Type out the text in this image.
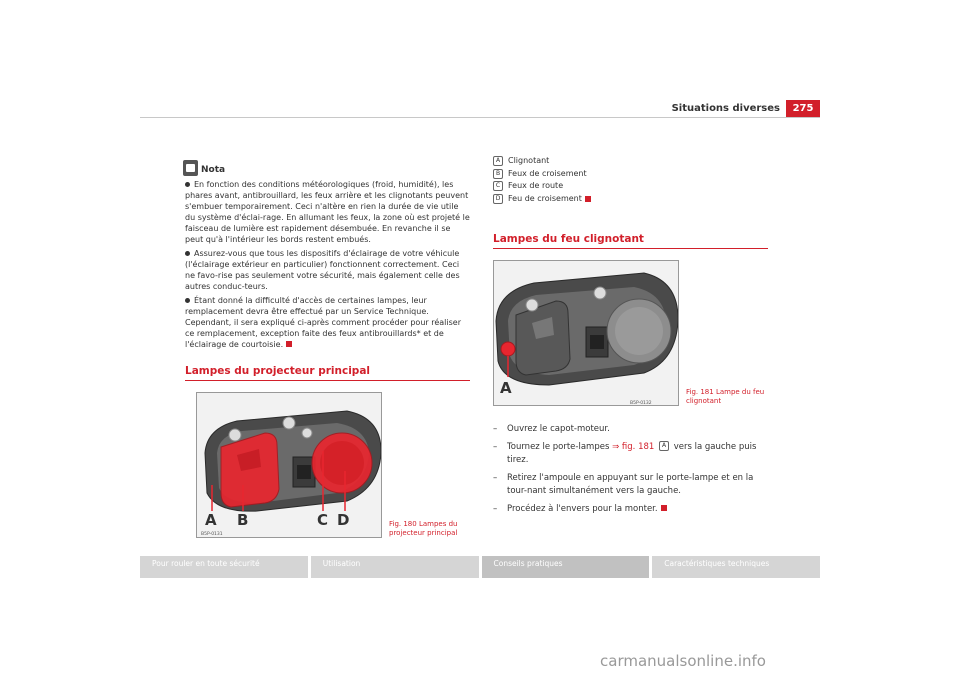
Situations diverses	275
Nota
En fonction des conditions météorologiques (froid, humidité), les phares avant, antibrouillard, les feux arrière et les clignotants peuvent s'embuer temporairement. Ceci n'altère en rien la durée de vie utile du système d'éclai-rage. En allumant les feux, la zone où est projeté le faisceau de lumière est rapidement désembuée. En revanche il se peut qu'à l'intérieur les bords restent embués.
Assurez-vous que tous les dispositifs d'éclairage de votre véhicule (l'éclairage extérieur en particulier) fonctionnent correctement. Ceci ne favo-rise pas seulement votre sécurité, mais également celle des autres conduc-teurs.
Étant donné la difficulté d'accès de certaines lampes, leur remplacement devra être effectué par un Service Technique. Cependant, il sera expliqué ci-après comment procéder pour réaliser ce remplacement, exception faite des feux antibrouillards* et de l'éclairage de courtoisie.
Lampes du projecteur principal
A B	C D
B5P-0131
Fig. 180 Lampes du
projecteur principal
A Clignotant
B Feux de croisement
C Feux de route
D Feu de croisement
Lampes du feu clignotant
A
B5P-0132
Fig. 181 Lampe du feu
clignotant
– Ouvrez le capot-moteur.
– Tournez le porte-lampes ⇒ fig. 181 A vers la gauche puis tirez.
– Retirez l'ampoule en appuyant sur le porte-lampe et en la tour-nant simultanément vers la gauche.
– Procédez à l'envers pour la monter.
Pour rouler en toute sécurité	Utilisation	Conseils pratiques	Caractéristiques techniques
carmanualsonline.info
